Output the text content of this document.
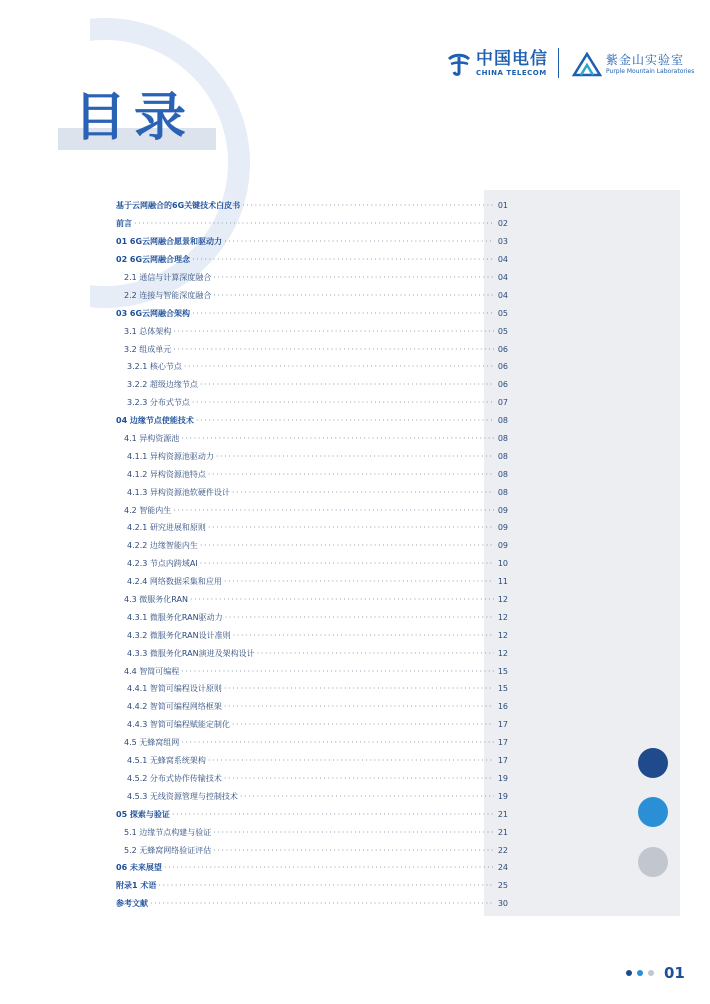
中国电信
CHINA TELECOM
紫金山实验室
Purple Mountain Laboratories
目录
基于云网融合的6G关键技术白皮书 ·····	01
前言 ·····	02
01 6G云网融合愿景和驱动力 ·····	03
02 6G云网融合理念 ·····	04
2.1 通信与计算深度融合 ·····	04
2.2 连接与智能深度融合 ·····	04
03 6G云网融合架构 ·····	05
3.1 总体架构 ·····	05
3.2 组成单元 ·····	06
3.2.1 核心节点 ·····	06
3.2.2 超级边缘节点 ·····	06
3.2.3 分布式节点 ·····	07
04 边缘节点使能技术 ·····	08
4.1 异构资源池 ·····	08
4.1.1 异构资源池驱动力 ·····	08
4.1.2 异构资源池特点 ·····	08
4.1.3 异构资源池软硬件设计 ·····	08
4.2 智能内生 ·····	09
4.2.1 研究进展和原则 ·····	09
4.2.2 边缘智能内生 ·····	09
4.2.3 节点内跨域AI ·····	10
4.2.4 网络数据采集和应用 ·····	11
4.3 微服务化RAN ·····	12
4.3.1 微服务化RAN驱动力 ·····	12
4.3.2 微服务化RAN设计准则 ·····	12
4.3.3 微服务化RAN演进及架构设计 ·····	12
4.4 智简可编程 ·····	15
4.4.1 智简可编程设计原则 ·····	15
4.4.2 智简可编程网络框架 ·····	16
4.4.3 智简可编程赋能定制化 ·····	17
4.5 无蜂窝组网 ·····	17
4.5.1 无蜂窝系统架构 ·····	17
4.5.2 分布式协作传输技术 ·····	19
4.5.3 无线资源管理与控制技术 ·····	19
05 探索与验证 ·····	21
5.1 边缘节点构建与验证 ·····	21
5.2 无蜂窝网络验证评估 ·····	22
06 未来展望 ·····	24
附录1 术语 ·····	25
参考文献 ·····	30
01
